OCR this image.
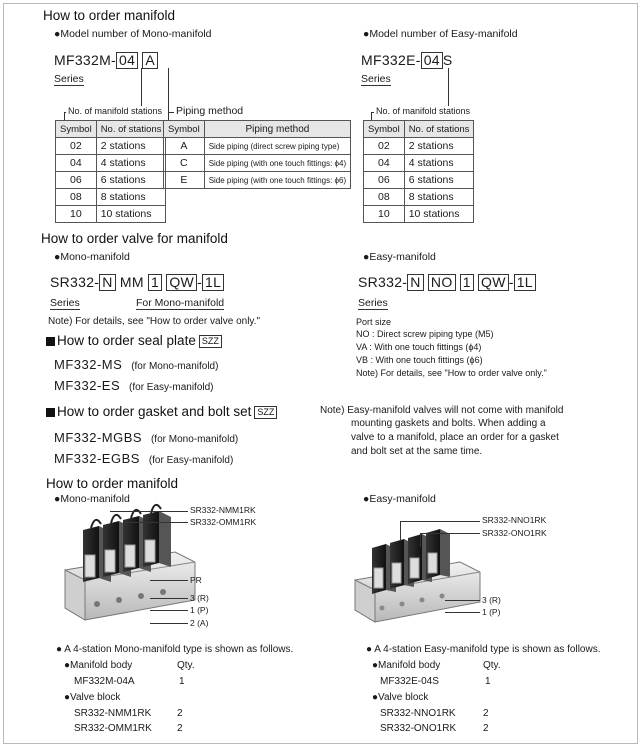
How to order manifold
●Model number of Mono-manifold	●Model number of Easy-manifold
MF332M- 04 A
Series
MF332E- 04 S
Series
No. of manifold stations Piping method	No. of manifold stations
Symbol	No. of stations
02	2 stations
04	4 stations
06	6 stations
08	8 stations
10	10 stations
Symbol	Piping method
A	Side piping (direct screw piping type)
C	Side piping (with one touch fittings: ϕ4)
E	Side piping (with one touch fittings: ϕ6)
Symbol	No. of stations
02	2 stations
04	4 stations
06	6 stations
08	8 stations
10	10 stations
How to order valve for manifold
●Mono-manifold	●Easy-manifold
SR332- N MM 1 QW - 1L
Series	For Mono-manifold
Note) For details, see "How to order valve only."
SR332- N NO 1 QW - 1L
Series
Port size
NO : Direct screw piping type (M5)
VA : With one touch fittings (ϕ4)
VB : With one touch fittings (ϕ6)
Note) For details, see "How to order valve only."
How to order seal plate SZZ
MF332-MS (for Mono-manifold)
MF332-ES (for Easy-manifold)
How to order gasket and bolt set SZZ
MF332-MGBS (for Mono-manifold)
MF332-EGBS (for Easy-manifold)
Note) Easy-manifold valves will not come with manifold
mounting gaskets and bolts. When adding a
valve to a manifold, place an order for a gasket
and bolt set at the same time.
How to order manifold
●Mono-manifold	●Easy-manifold
SR332-NMM1RK
SR332-OMM1RK
PR
3 (R)
1 (P)
2 (A)
SR332-NNO1RK
SR332-ONO1RK
3 (R)
1 (P)
● A 4-station Mono-manifold type is shown as follows.
●Manifold body	Qty.
MF332M-04A	1
●Valve block
SR332-NMM1RK	2
SR332-OMM1RK	2
● A 4-station Easy-manifold type is shown as follows.
●Manifold body	Qty.
MF332E-04S	1
●Valve block
SR332-NNO1RK	2
SR332-ONO1RK	2
